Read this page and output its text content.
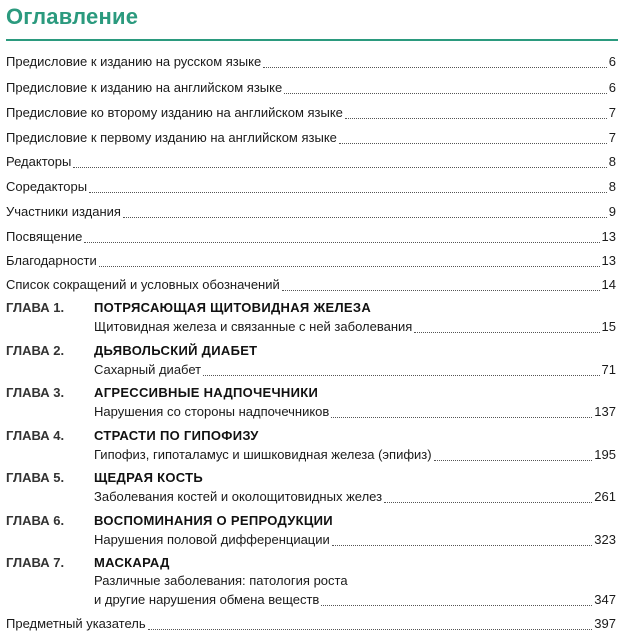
Оглавление
Предисловие к изданию на русском языке	6
Предисловие к изданию на английском языке	6
Предисловие ко второму изданию на английском языке	7
Предисловие к первому изданию на английском языке	7
Редакторы	8
Соредакторы	8
Участники издания	9
Посвящение	13
Благодарности	13
Список сокращений и условных обозначений	14
ГЛАВА 1. ПОТРЯСАЮЩАЯ ЩИТОВИДНАЯ ЖЕЛЕЗА
Щитовидная железа и связанные с ней заболевания	15
ГЛАВА 2. ДЬЯВОЛЬСКИЙ ДИАБЕТ
Сахарный диабет	71
ГЛАВА 3. АГРЕССИВНЫЕ НАДПОЧЕЧНИКИ
Нарушения со стороны надпочечников	137
ГЛАВА 4. СТРАСТИ ПО ГИПОФИЗУ
Гипофиз, гипоталамус и шишковидная железа (эпифиз)	195
ГЛАВА 5. ЩЕДРАЯ КОСТЬ
Заболевания костей и околощитовидных желез	261
ГЛАВА 6. ВОСПОМИНАНИЯ О РЕПРОДУКЦИИ
Нарушения половой дифференциации	323
ГЛАВА 7. МАСКАРАД
Различные заболевания: патология роста
и другие нарушения обмена веществ	347
Предметный указатель	397
